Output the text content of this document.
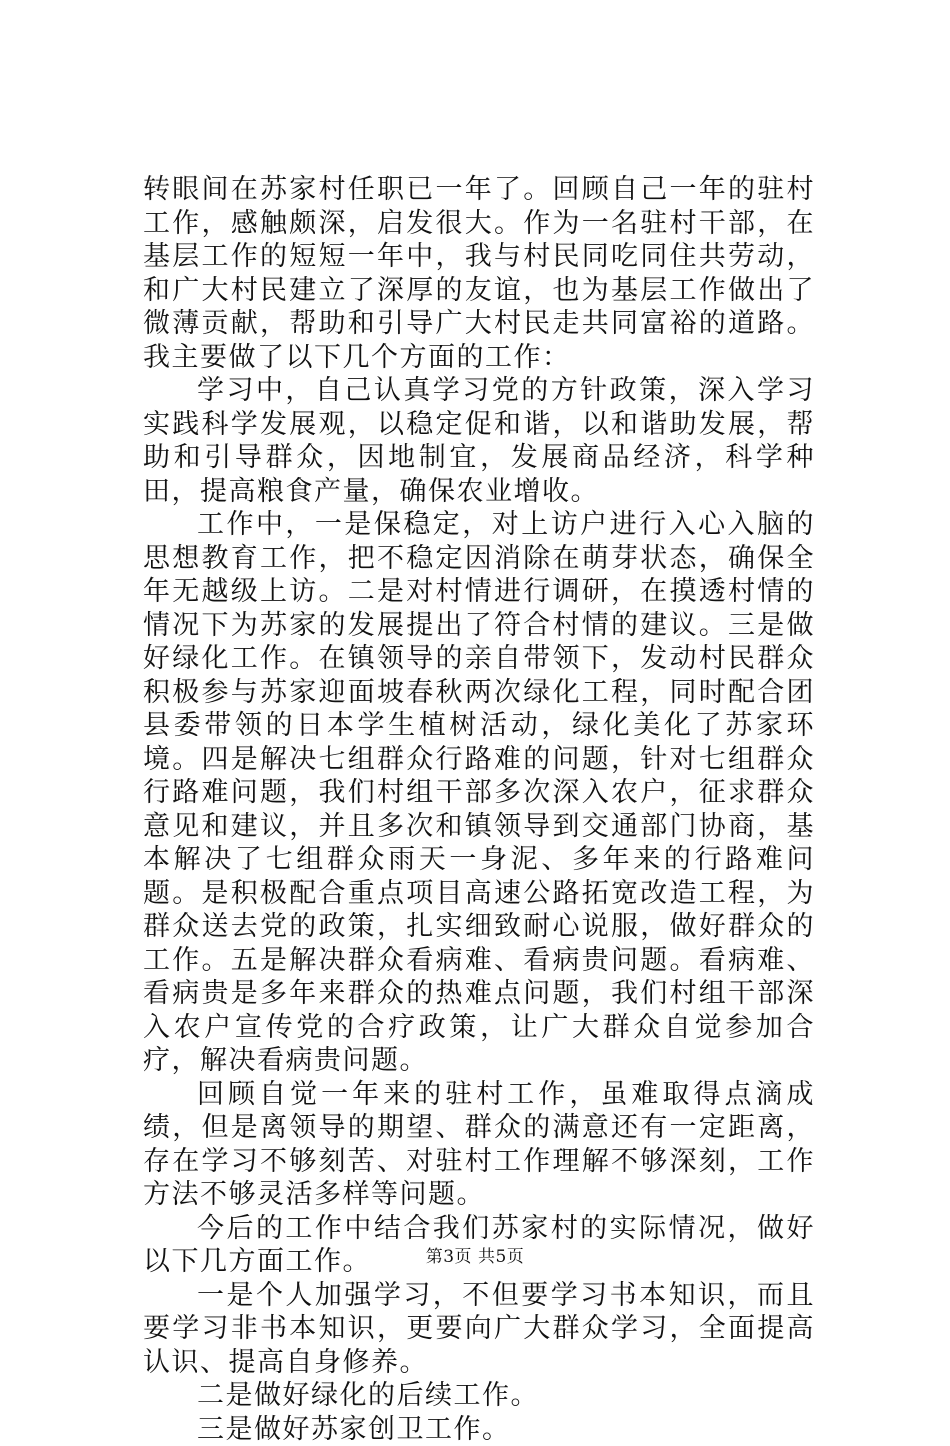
转眼间在苏家村任职已一年了。回顾自己一年的驻村工作，感触颇深，启发很大。作为一名驻村干部，在基层工作的短短一年中，我与村民同吃同住共劳动，和广大村民建立了深厚的友谊，也为基层工作做出了微薄贡献，帮助和引导广大村民走共同富裕的道路。我主要做了以下几个方面的工作：

学习中，自己认真学习党的方针政策，深入学习实践科学发展观，以稳定促和谐，以和谐助发展，帮助和引导群众，因地制宜，发展商品经济，科学种田，提高粮食产量，确保农业增收。

工作中，一是保稳定，对上访户进行入心入脑的思想教育工作，把不稳定因消除在萌芽状态，确保全年无越级上访。二是对村情进行调研，在摸透村情的情况下为苏家的发展提出了符合村情的建议。三是做好绿化工作。在镇领导的亲自带领下，发动村民群众积极参与苏家迎面坡春秋两次绿化工程，同时配合团县委带领的日本学生植树活动，绿化美化了苏家环境。四是解决七组群众行路难的问题，针对七组群众行路难问题，我们村组干部多次深入农户，征求群众意见和建议，并且多次和镇领导到交通部门协商，基本解决了七组群众雨天一身泥、多年来的行路难问题。是积极配合重点项目高速公路拓宽改造工程，为群众送去党的政策，扎实细致耐心说服，做好群众的工作。五是解决群众看病难、看病贵问题。看病难、看病贵是多年来群众的热难点问题，我们村组干部深入农户宣传党的合疗政策，让广大群众自觉参加合疗，解决看病贵问题。

回顾自觉一年来的驻村工作，虽难取得点滴成绩，但是离领导的期望、群众的满意还有一定距离，存在学习不够刻苦、对驻村工作理解不够深刻，工作方法不够灵活多样等问题。

今后的工作中结合我们苏家村的实际情况，做好以下几方面工作。

一是个人加强学习，不但要学习书本知识，而且要学习非书本知识，更要向广大群众学习，全面提高认识、提高自身修养。

二是做好绿化的后续工作。

三是做好苏家创卫工作。

第3页 共5页
